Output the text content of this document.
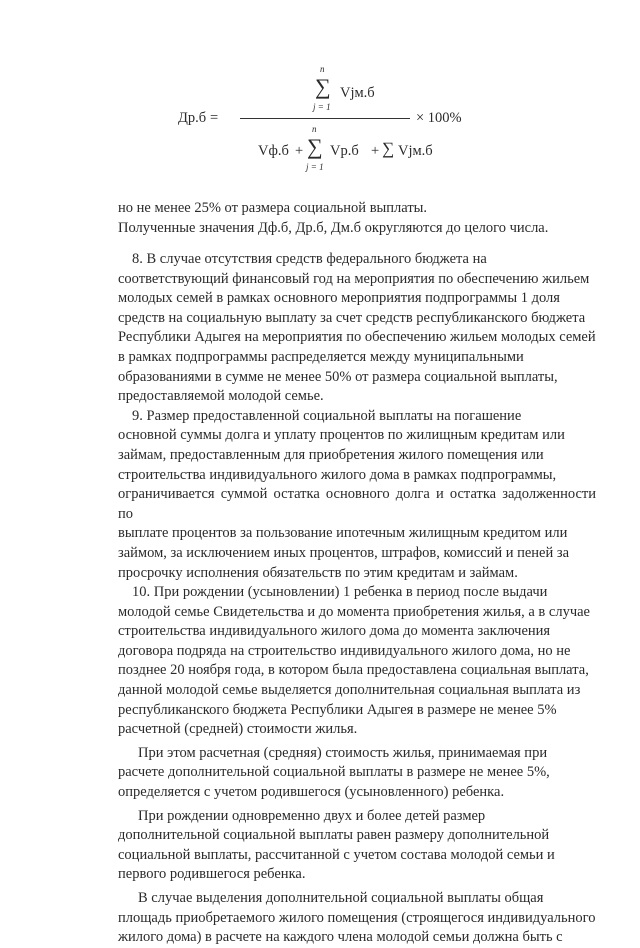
Др.б =
n
∑
j = 1
Vjм.б
× 100%
Vф.б +
n
∑
j = 1
Vр.б + ∑ Vjм.б

но не менее 25% от размера социальной выплаты.

Полученные значения Дф.б, Др.б, Дм.б округляются до целого числа.

8. В случае отсутствия средств федерального бюджета на
соответствующий финансовый год на мероприятия по обеспечению жильем
молодых семей в рамках основного мероприятия подпрограммы 1 доля
средств на социальную выплату за счет средств республиканского бюджета
Республики Адыгея на мероприятия по обеспечению жильем молодых семей
в рамках подпрограммы распределяется между муниципальными
образованиями в сумме не менее 50% от размера социальной выплаты,
предоставляемой молодой семье.
9. Размер предоставленной социальной выплаты на погашение
основной суммы долга и уплату процентов по жилищным кредитам или
займам, предоставленным для приобретения жилого помещения или
строительства индивидуального жилого дома в рамках подпрограммы,
ограничивается суммой остатка основного долга и остатка задолженности по
выплате процентов за пользование ипотечным жилищным кредитом или
займом, за исключением иных процентов, штрафов, комиссий и пеней за
просрочку исполнения обязательств по этим кредитам и займам.
10. При рождении (усыновлении) 1 ребенка в период после выдачи
молодой семье Свидетельства и до момента приобретения жилья, а в случае
строительства индивидуального жилого дома до момента заключения
договора подряда на строительство индивидуального жилого дома, но не
позднее 20 ноября года, в котором была предоставлена социальная выплата,
данной молодой семье выделяется дополнительная социальная выплата из
республиканского бюджета Республики Адыгея в размере не менее 5%
расчетной (средней) стоимости жилья.
При этом расчетная (средняя) стоимость жилья, принимаемая при
расчете дополнительной социальной выплаты в размере не менее 5%,
определяется с учетом родившегося (усыновленного) ребенка.
При рождении одновременно двух и более детей размер
дополнительной социальной выплаты равен размеру дополнительной
социальной выплаты, рассчитанной с учетом состава молодой семьи и
первого родившегося ребенка.
В случае выделения дополнительной социальной выплаты общая
площадь приобретаемого жилого помещения (строящегося индивидуального
жилого дома) в расчете на каждого члена молодой семьи должна быть с
